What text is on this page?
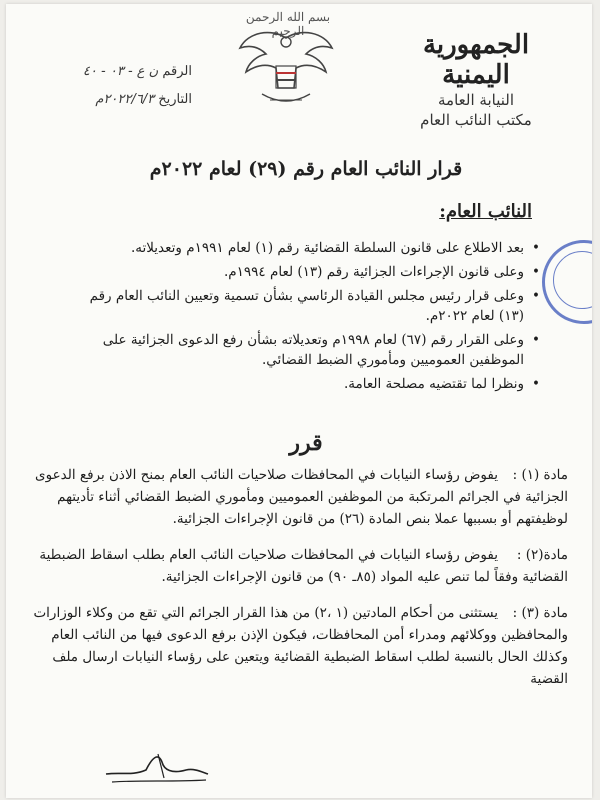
الجمهورية اليمنية
النيابة العامة
مكتب النائب العام
بسم الله الرحمن الرحيم
الرقم ن ع - ٠٣ - ٤٠
التاريخ ٢٠٢٢/٦/٣م
قرار النائب العام رقم (٢٩) لعام ٢٠٢٢م
النائب العام:
• بعد الاطلاع على قانون السلطة القضائية رقم (١) لعام ١٩٩١م وتعديلاته.
• وعلى قانون الإجراءات الجزائية رقم (١٣) لعام ١٩٩٤م.
• وعلى قرار رئيس مجلس القيادة الرئاسي بشأن تسمية وتعيين النائب العام رقم (١٣) لعام ٢٠٢٢م.
• وعلى القرار رقم (٦٧) لعام ١٩٩٨م وتعديلاته بشأن رفع الدعوى الجزائية على الموظفين العموميين ومأموري الضبط القضائي.
• ونظرا لما تقتضيه مصلحة العامة.
قرر
مادة (١) :
يفوض رؤساء النيابات في المحافظات صلاحيات النائب العام بمنح الاذن برفع الدعوى الجزائية في الجرائم المرتكبة من الموظفين العموميين ومأموري الضبط القضائي أثناء تأديتهم لوظيفتهم أو بسببها عملا بنص المادة (٢٦) من قانون الإجراءات الجزائية.
مادة(٢) :
يفوض رؤساء النيابات في المحافظات صلاحيات النائب العام بطلب اسقاط الضبطية القضائية وفقاً لما تنص عليه المواد (٨٥ـ ٩٠) من قانون الإجراءات الجزائية.
مادة (٣) :
يستثنى من أحكام المادتين (١ ،٢) من هذا القرار الجرائم التي تقع من وكلاء الوزارات والمحافظين ووكلائهم ومدراء أمن المحافظات، فيكون الإذن برفع الدعوى فيها من النائب العام وكذلك الحال بالنسبة لطلب اسقاط الضبطية القضائية ويتعين على رؤساء النيابات ارسال ملف القضية
